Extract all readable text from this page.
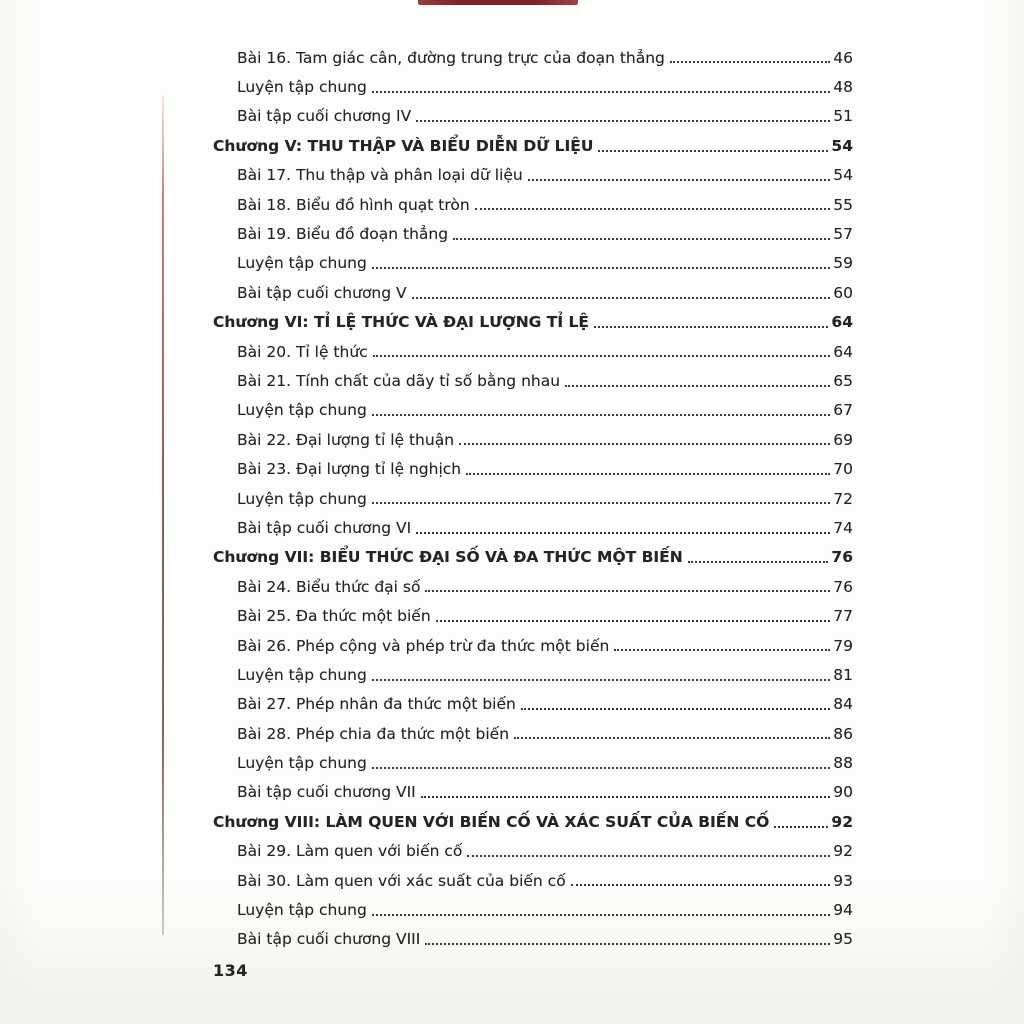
Bài 16. Tam giác cân, đường trung trực của đoạn thẳng	46
Luyện tập chung	48
Bài tập cuối chương IV	51
Chương V: THU THẬP VÀ BIỂU DIỄN DỮ LIỆU	54
Bài 17. Thu thập và phân loại dữ liệu	54
Bài 18. Biểu đồ hình quạt tròn	55
Bài 19. Biểu đồ đoạn thẳng	57
Luyện tập chung	59
Bài tập cuối chương V	60
Chương VI: TỈ LỆ THỨC VÀ ĐẠI LƯỢNG TỈ LỆ	64
Bài 20. Tỉ lệ thức	64
Bài 21. Tính chất của dãy tỉ số bằng nhau	65
Luyện tập chung	67
Bài 22. Đại lượng tỉ lệ thuận	69
Bài 23. Đại lượng tỉ lệ nghịch	70
Luyện tập chung	72
Bài tập cuối chương VI	74
Chương VII: BIỂU THỨC ĐẠI SỐ VÀ ĐA THỨC MỘT BIẾN	76
Bài 24. Biểu thức đại số	76
Bài 25. Đa thức một biến	77
Bài 26. Phép cộng và phép trừ đa thức một biến	79
Luyện tập chung	81
Bài 27. Phép nhân đa thức một biến	84
Bài 28. Phép chia đa thức một biến	86
Luyện tập chung	88
Bài tập cuối chương VII	90
Chương VIII: LÀM QUEN VỚI BIẾN CỐ VÀ XÁC SUẤT CỦA BIẾN CỐ	92
Bài 29. Làm quen với biến cố	92
Bài 30. Làm quen với xác suất của biến cố	93
Luyện tập chung	94
Bài tập cuối chương VIII	95
134
